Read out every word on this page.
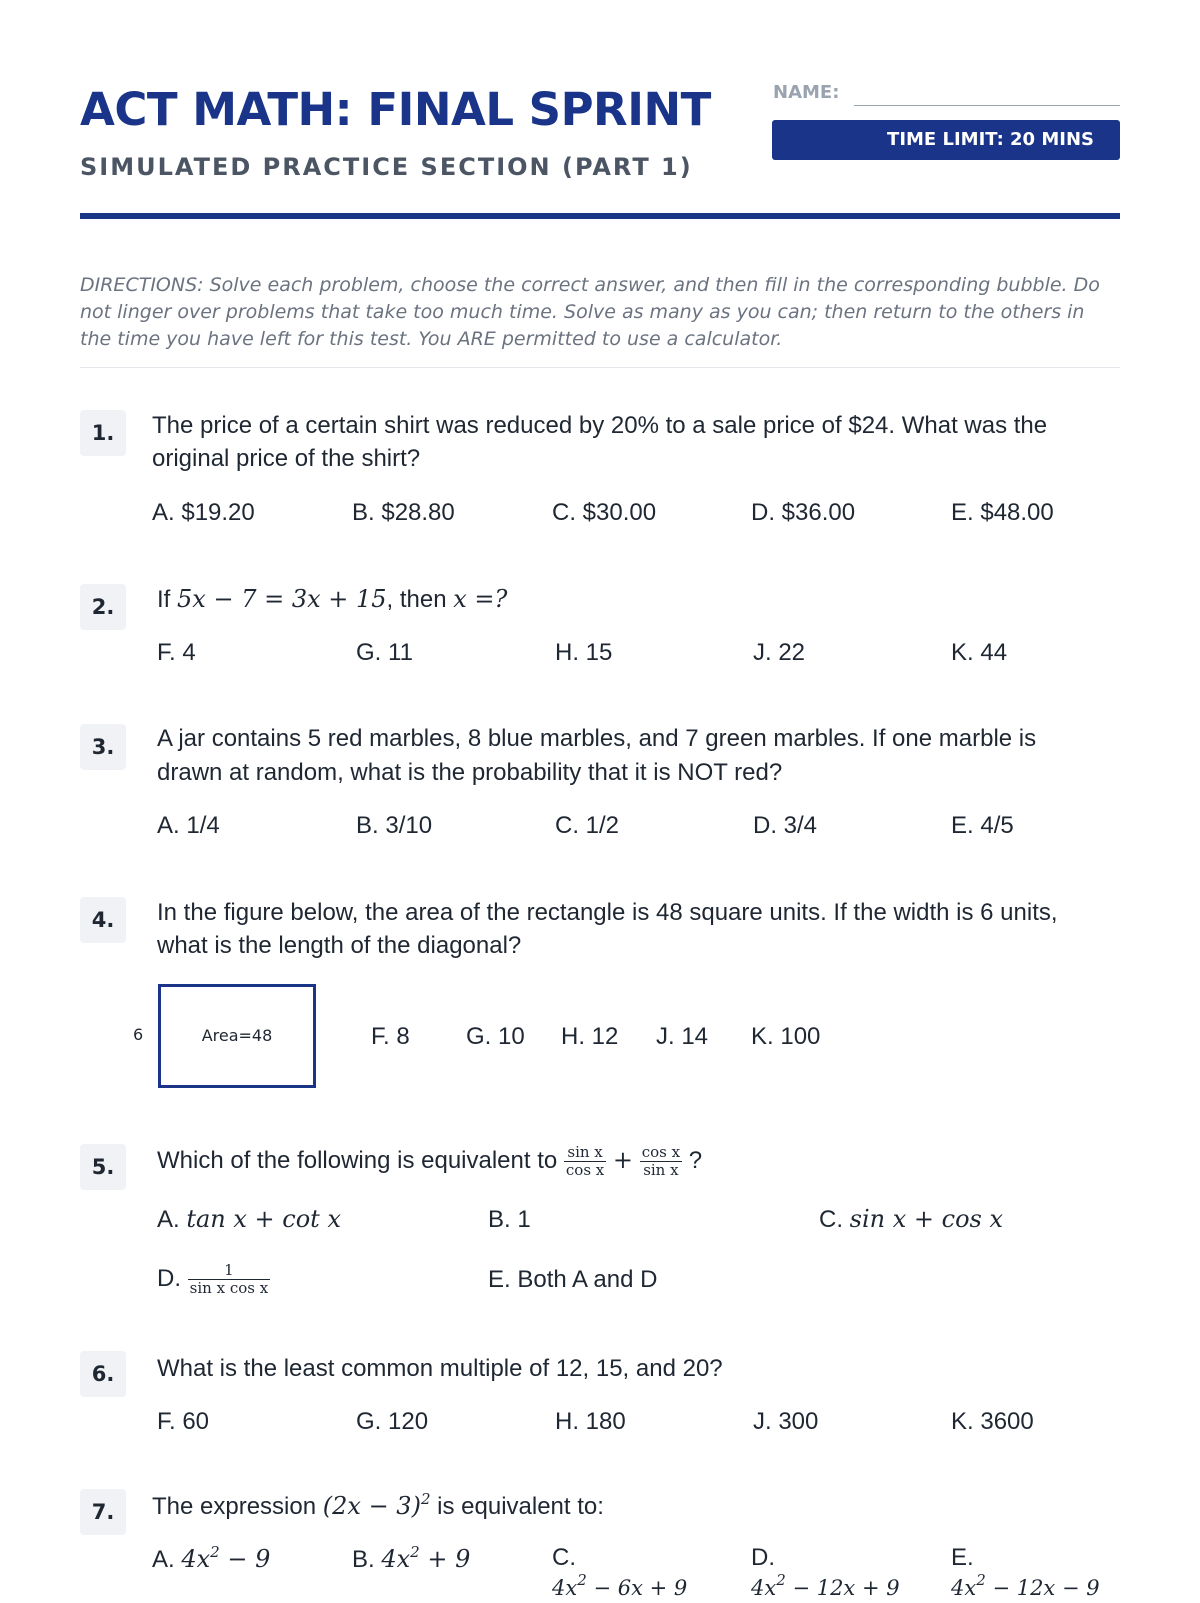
ACT MATH: FINAL SPRINT
SIMULATED PRACTICE SECTION (PART 1)
NAME:
TIME LIMIT: 20 MINS

DIRECTIONS: Solve each problem, choose the correct answer, and then fill in the corresponding bubble. Do not linger over problems that take too much time. Solve as many as you can; then return to the others in the time you have left for this test. You ARE permitted to use a calculator.

1.	The price of a certain shirt was reduced by 20% to a sale price of $24. What was the
original price of the shirt?
A. $19.20	B. $28.80	C. $30.00	D. $36.00	E. $48.00
2.	If 5x − 7 = 3x + 15, then x =?
F. 4	G. 11	H. 15	J. 22	K. 44
3.	A jar contains 5 red marbles, 8 blue marbles, and 7 green marbles. If one marble is
drawn at random, what is the probability that it is NOT red?
A. 1/4	B. 3/10	C. 1/2	D. 3/4	E. 4/5
4.	In the figure below, the area of the rectangle is 48 square units. If the width is 6 units,
what is the length of the diagonal?
6	Area=48	F. 8 G. 10 H. 12 J. 14 K. 100
5.	Which of the following is equivalent to $\frac{\text{sin x}}{\text{cos x}} + \frac{\text{cos x}}{\text{sin x}}$ ?
A. tan x + cot x	B. 1	C. sin x + cos x
D. $\frac{1}{\text{sin x cos x}}$	E. Both A and D
6.	What is the least common multiple of 12, 15, and 20?
F. 60	G. 120	H. 180	J. 300	K. 3600
7.	The expression $(2x - 3)^2$ is equivalent to:
A. $4x^2 - 9$	B. $4x^2 + 9$	C.
$4x^2 - 6x + 9$
D.
$4x^2 - 12x + 9$
E.
$4x^2 - 12x - 9$
